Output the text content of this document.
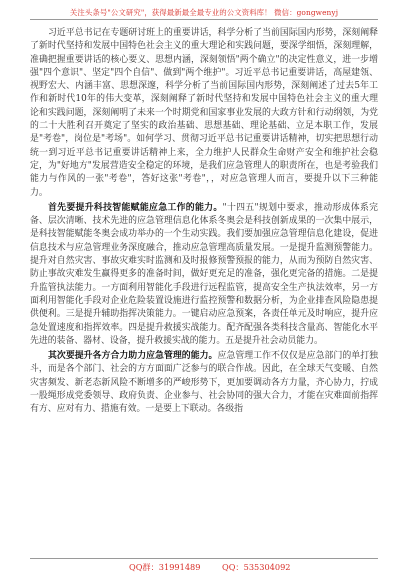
关注头条号"公文研究"，获得最新最全最专业的公文资料库！ 微信：gongwenyj

习近平总书记在专题研讨班上的重要讲话，科学分析了当前国际国内形势，深刻阐释了新时代坚持和发展中国特色社会主义的重大理论和实践问题，要深学细悟，深刻理解，准确把握重要讲话的核心要义、思想内涵，深刻领悟"两个确立"的决定性意义，进一步增强"四个意识"、坚定"四个自信"、做到"两个维护"。习近平总书记重要讲话，高屋建瓴、视野宏大、内涵丰富、思想深邃，科学分析了当前国际国内形势，深刻阐述了过去5年工作和新时代10年的伟大变革，深刻阐释了新时代坚持和发展中国特色社会主义的重大理论和实践问题，深刻阐明了未来一个时期党和国家事业发展的大政方针和行动纲领，为党的二十大胜利召开奠定了坚实的政治基础、思想基础、理论基础、立足本职工作，发展是"考卷"，岗位是"考场"。如何学习、贯彻习近平总书记重要讲话精神，切实把思想行动统一到习近平总书记重要讲话精神上来，全力维护人民群众生命财产安全和维护社会稳定，为"好地方"发展营造安全稳定的环境，是我们应急管理人的职责所在，也是考验我们能力与作风的一张"考卷"，答好这张"考卷"，，对应急管理人而言，要提升以下三种能力。

首先要提升科技智能赋能应急工作的能力。"十四五"规划中要求，推动形成体系完备、层次清晰、技术先进的应急管理信息化体系冬奥会是科技创新成果的一次集中展示，是科技智能赋能冬奥会成功举办的一个生动实践。我们要加强应急管理信息化建设，促进信息技术与应急管理业务深度融合，推动应急管理高质量发展。一是提升监测预警能力。提升对自然灾害、事故灾难实时监测和及时报修预警预报的能力，从而为预防自然灾害、防止事故灾难发生赢得更多的准备时间，做好更充足的准备，强化更完备的措施。二是提升监管执法能力。一方面利用智能化手段进行远程监管，提高安全生产执法效率，另一方面利用智能化手段对企业危险装置设施进行监控预警和数据分析，为企业排查风险隐患提供便利。三是提升辅助指挥决策能力。一键启动应急预案，各责任单元及时响应，提升应急处置速度和指挥效率。四是提升救援实战能力。配齐配强各类科技含量高、智能化水平先进的装备、器材、设备，提升救援实战的能力。五是提升社会动员能力。

其次要提升各方合力助力应急管理的能力。应急管理工作不仅仅是应急部门的单打独斗，而是各个部门、社会的方方面面广泛参与的联合作战。因此，在全球天气变暖、自然灾害频发、新老态新风险不断增多的严峻形势下，更加要调动各方力量，齐心协力，拧成一股绳形成党委领导、政府负责、企业参与、社会协同的强大合力，才能在灾难面前指挥有方、应对有力、措施有效。一是要上下联动。各级指

QQ群：31991489	QQ：535304092
